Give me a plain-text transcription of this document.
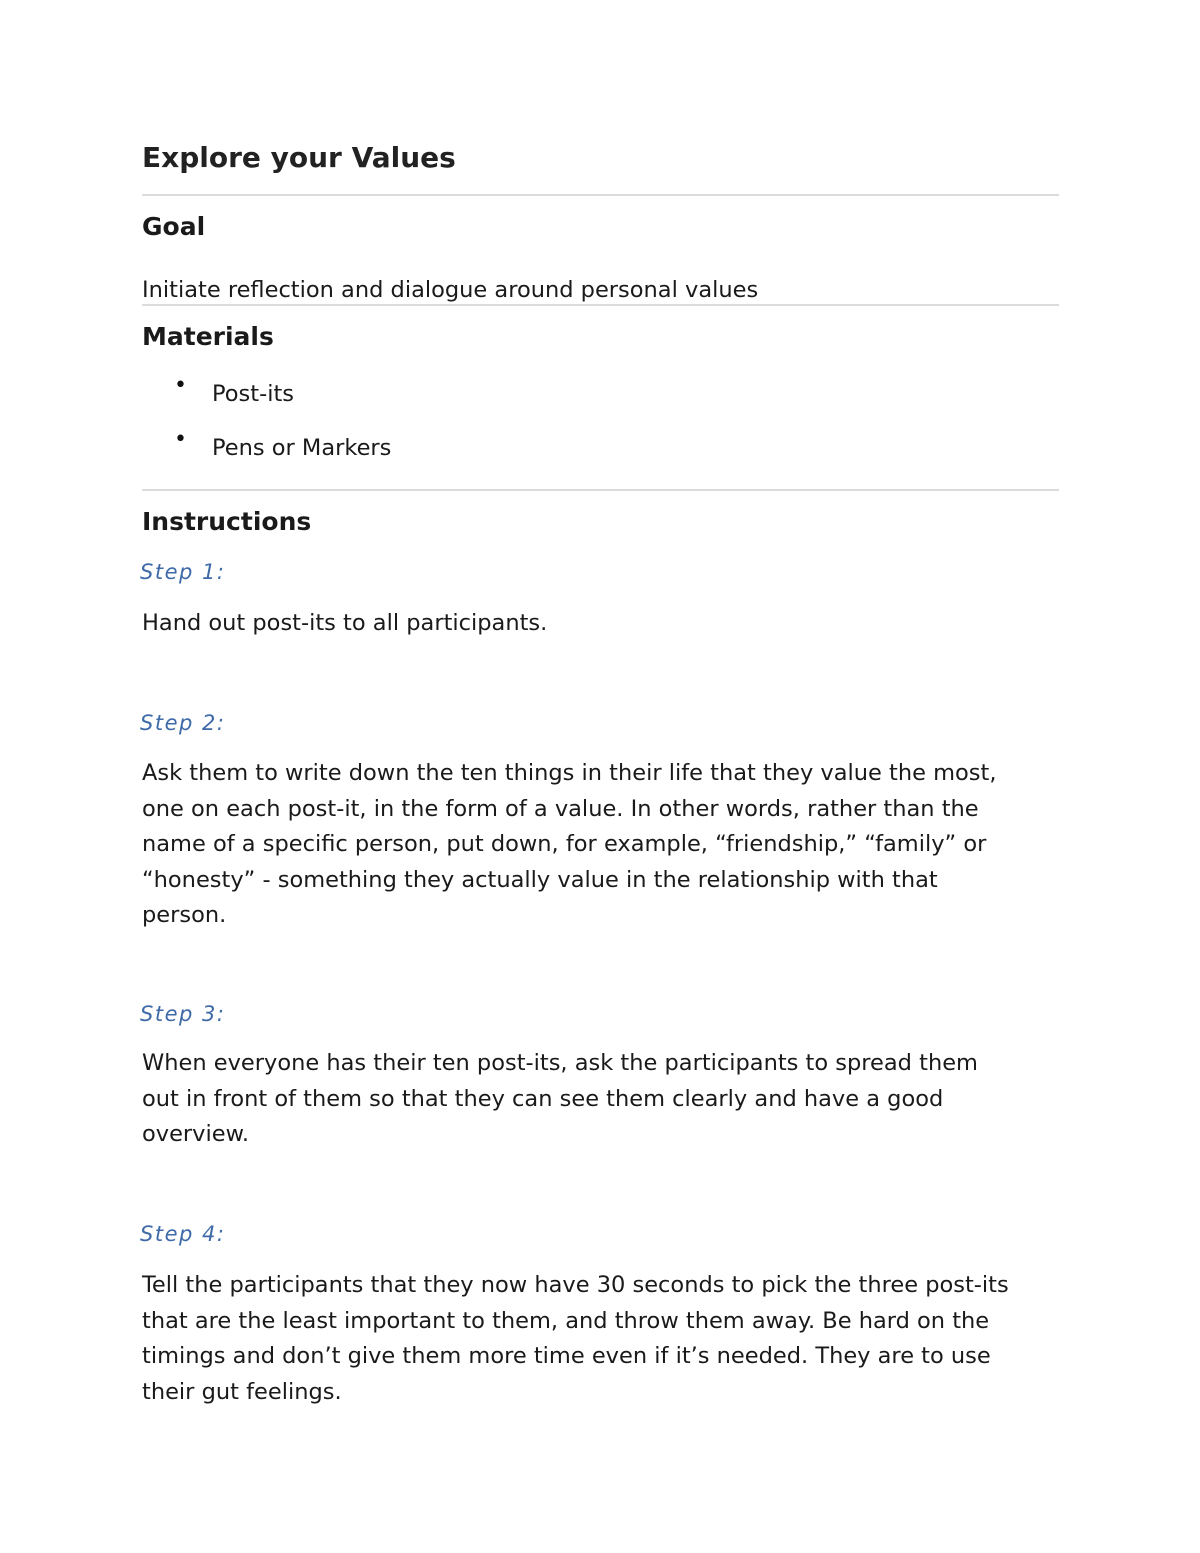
Explore your Values
Goal

Initiate reflection and dialogue around personal values

Materials
• Post-its
• Pens or Markers
Instructions

Step 1:

Hand out post-its to all participants.

Step 2:

Ask them to write down the ten things in their life that they value the most,
one on each post-it, in the form of a value. In other words, rather than the
name of a specific person, put down, for example, “friendship,” “family” or
“honesty” - something they actually value in the relationship with that
person.

Step 3:

When everyone has their ten post-its, ask the participants to spread them
out in front of them so that they can see them clearly and have a good
overview.

Step 4:

Tell the participants that they now have 30 seconds to pick the three post-its
that are the least important to them, and throw them away. Be hard on the
timings and don’t give them more time even if it’s needed. They are to use
their gut feelings.
